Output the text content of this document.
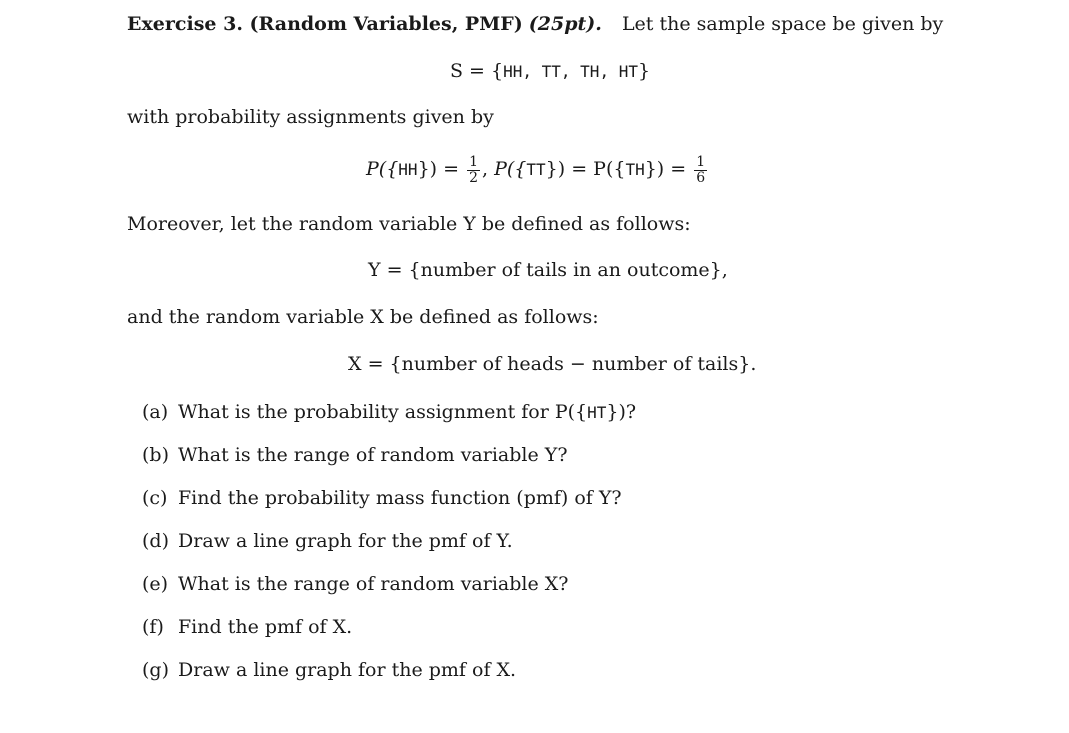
Exercise 3. (Random Variables, PMF) (25pt). Let the sample space be given by
S = {HH, TT, TH, HT}
with probability assignments given by
$P(\{HH\}) = \frac{1}{2}$ , $P(\{TT\}) = P(\{TH\}) = \frac{1}{6}$
Moreover, let the random variable Y be defined as follows:
Y = {number of tails in an outcome},
and the random variable X be defined as follows:
X = {number of heads − number of tails}.
(a) What is the probability assignment for P({HT})?
(b) What is the range of random variable Y?
(c) Find the probability mass function (pmf) of Y?
(d) Draw a line graph for the pmf of Y.
(e) What is the range of random variable X?
(f) Find the pmf of X.
(g) Draw a line graph for the pmf of X.
